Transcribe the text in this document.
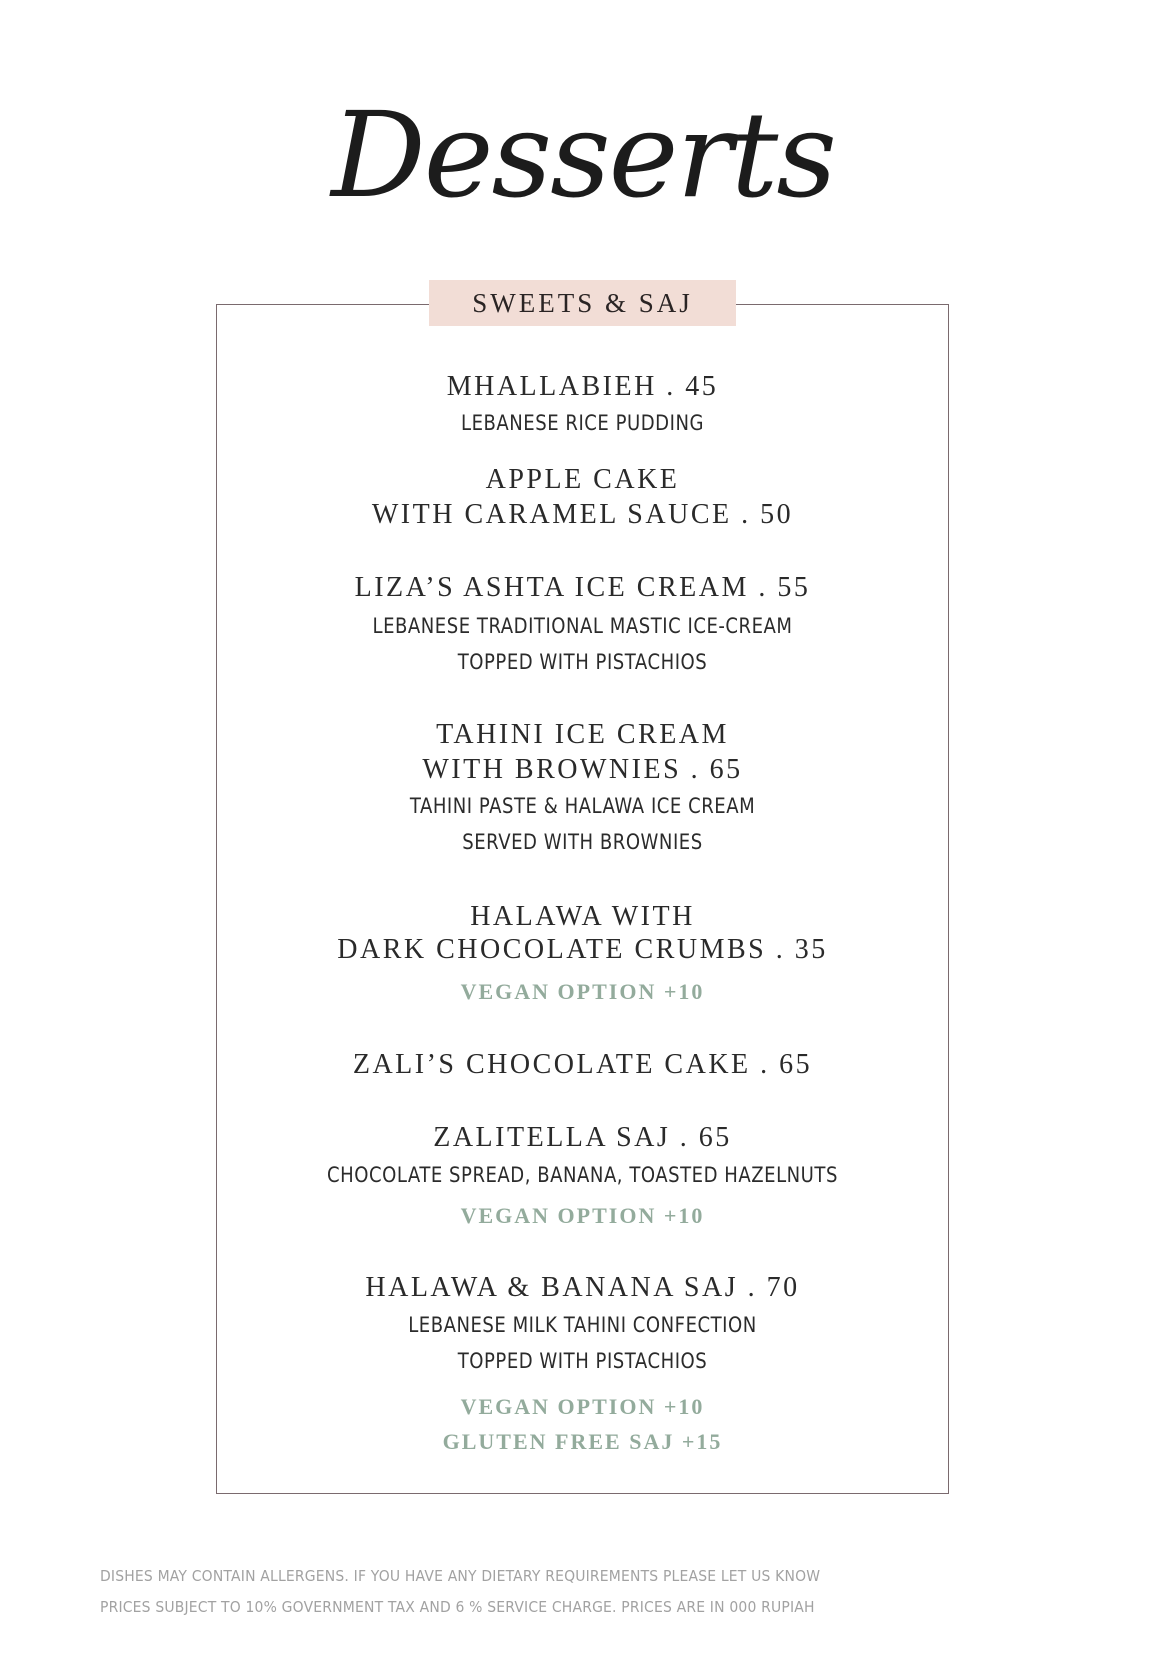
Desserts
SWEETS & SAJ
MHALLABIEH . 45
LEBANESE RICE PUDDING
APPLE CAKE
WITH CARAMEL SAUCE . 50
LIZA’S ASHTA ICE CREAM . 55
LEBANESE TRADITIONAL MASTIC ICE-CREAM
TOPPED WITH PISTACHIOS
TAHINI ICE CREAM
WITH BROWNIES . 65
TAHINI PASTE & HALAWA ICE CREAM
SERVED WITH BROWNIES
HALAWA WITH
DARK CHOCOLATE CRUMBS . 35
VEGAN OPTION +10
ZALI’S CHOCOLATE CAKE . 65
ZALITELLA SAJ . 65
CHOCOLATE SPREAD, BANANA, TOASTED HAZELNUTS
VEGAN OPTION +10
HALAWA & BANANA SAJ . 70
LEBANESE MILK TAHINI CONFECTION
TOPPED WITH PISTACHIOS
VEGAN OPTION +10
GLUTEN FREE SAJ +15
DISHES MAY CONTAIN ALLERGENS. IF YOU HAVE ANY DIETARY REQUIREMENTS PLEASE LET US KNOW
PRICES SUBJECT TO 10% GOVERNMENT TAX AND 6 % SERVICE CHARGE. PRICES ARE IN 000 RUPIAH
